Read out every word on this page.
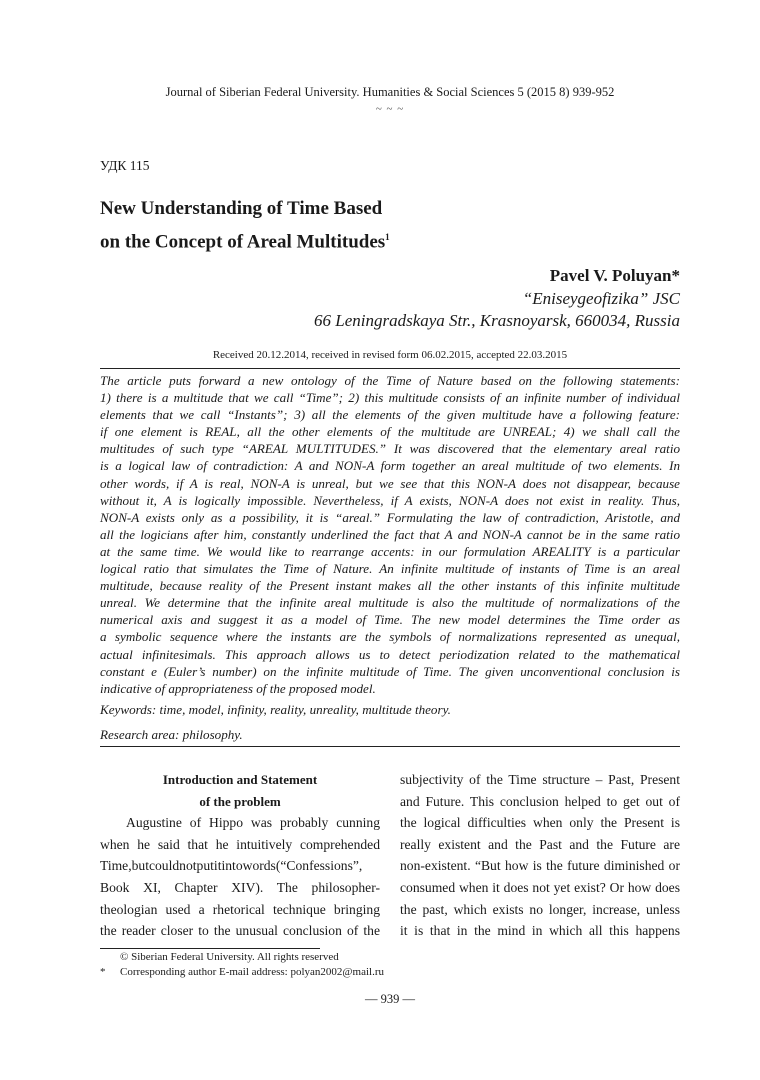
Journal of Siberian Federal University. Humanities & Social Sciences 5 (2015 8) 939-952
~ ~ ~
УДК 115
New Understanding of Time Based
on the Concept of Areal Multitudes$^1$
Pavel V. Poluyan*
“Eniseygeofizika” JSC
66 Leningradskaya Str., Krasnoyarsk, 660034, Russia
Received 20.12.2014, received in revised form 06.02.2015, accepted 22.03.2015
The article puts forward a new ontology of the Time of Nature based on the following statements:
1) there is a multitude that we call “Time”; 2) this multitude consists of an infinite number of individual
elements that we call “Instants”; 3) all the elements of the given multitude have a following feature:
if one element is REAL, all the other elements of the multitude are UNREAL; 4) we shall call the
multitudes of such type “AREAL MULTITUDES.” It was discovered that the elementary areal ratio
is a logical law of contradiction: A and NON-A form together an areal multitude of two elements. In
other words, if A is real, NON-A is unreal, but we see that this NON-A does not disappear, because
without it, A is logically impossible. Nevertheless, if A exists, NON-A does not exist in reality. Thus,
NON-A exists only as a possibility, it is “areal.” Formulating the law of contradiction, Aristotle, and
all the logicians after him, constantly underlined the fact that A and NON-A cannot be in the same ratio
at the same time. We would like to rearrange accents: in our formulation AREALITY is a particular
logical ratio that simulates the Time of Nature. An infinite multitude of instants of Time is an areal
multitude, because reality of the Present instant makes all the other instants of this infinite multitude
unreal. We determine that the infinite areal multitude is also the multitude of normalizations of the
numerical axis and suggest it as a model of Time. The new model determines the Time order as
a symbolic sequence where the instants are the symbols of normalizations represented as unequal,
actual infinitesimals. This approach allows us to detect periodization related to the mathematical
constant e (Euler’s number) on the infinite multitude of Time. The given unconventional conclusion is
indicative of appropriateness of the proposed model.
Keywords: time, model, infinity, reality, unreality, multitude theory.
Research area: philosophy.
Introduction and Statement
of the problem
Augustine of Hippo was probably cunning
when he said that he intuitively comprehended
Time,butcouldnotputitintowords(“Confessions”,
Book XI, Chapter XIV). The philosopher-
theologian used a rhetorical technique bringing
the reader closer to the unusual conclusion of the
subjectivity of the Time structure – Past, Present
and Future. This conclusion helped to get out of
the logical difficulties when only the Present is
really existent and the Past and the Future are
non-existent. “But how is the future diminished or
consumed when it does not yet exist? Or how does
the past, which exists no longer, increase, unless
it is that in the mind in which all this happens
© Siberian Federal University. All rights reserved
* Corresponding author E-mail address: polyan2002@mail.ru
— 939 —
